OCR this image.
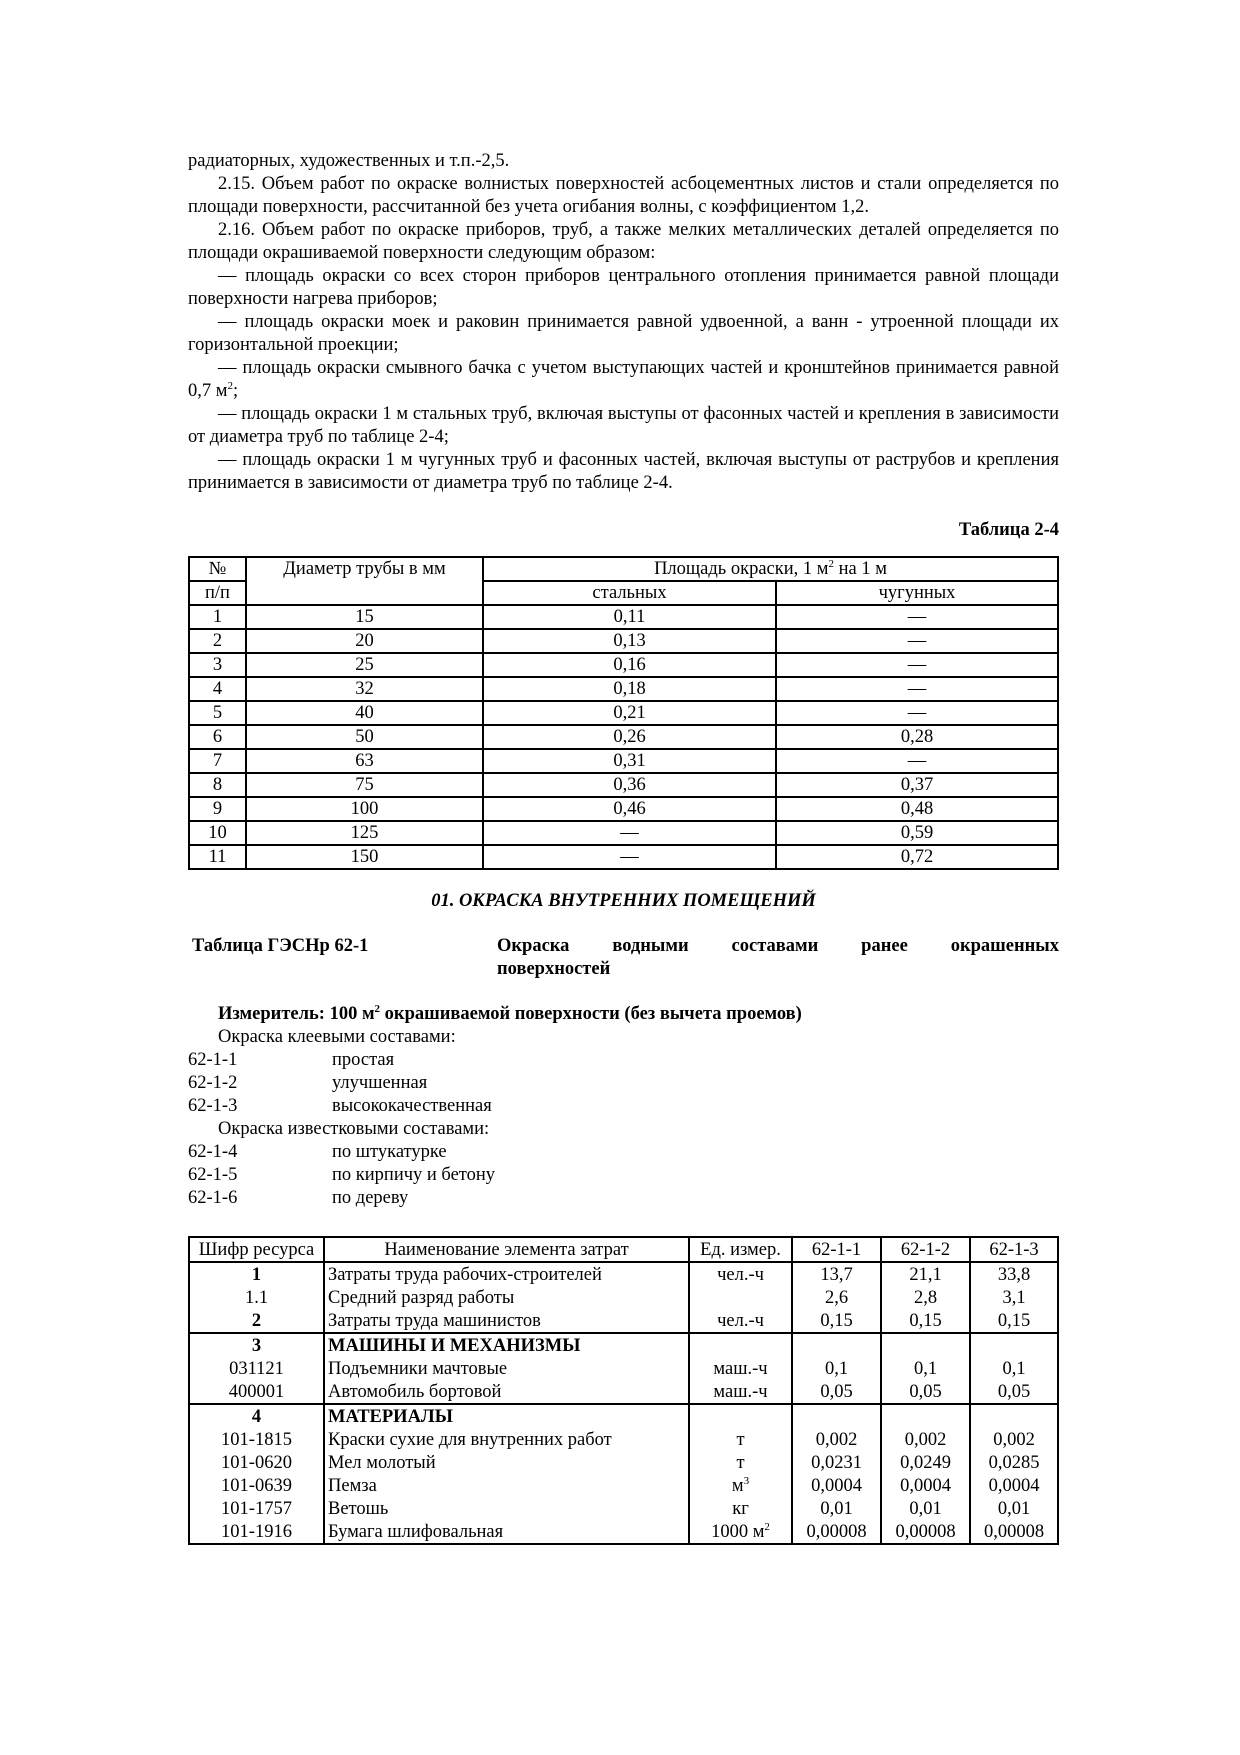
радиаторных, художественных и т.п.-2,5.

2.15. Объем работ по окраске волнистых поверхностей асбоцементных листов и стали определяется по площади поверхности, рассчитанной без учета огибания волны, с коэффициентом 1,2.

2.16. Объем работ по окраске приборов, труб, а также мелких металлических деталей определяется по площади окрашиваемой поверхности следующим образом:

— площадь окраски со всех сторон приборов центрального отопления принимается равной площади поверхности нагрева приборов;

— площадь окраски моек и раковин принимается равной удвоенной, а ванн - утроенной площади их горизонтальной проекции;

— площадь окраски смывного бачка с учетом выступающих частей и кронштейнов принимается равной 0,7 $м^2$;

— площадь окраски 1 м стальных труб, включая выступы от фасонных частей и крепления в зависимости от диаметра труб по таблице 2-4;

— площадь окраски 1 м чугунных труб и фасонных частей, включая выступы от раструбов и крепления принимается в зависимости от диаметра труб по таблице 2-4.

Таблица 2-4
№	Диаметр трубы в мм	Площадь окраски, 1 $м^2$ на 1 м	
п/п		стальных	чугунных
1	15	0,11	—
2	20	0,13	—
3	25	0,16	—
4	32	0,18	—
5	40	0,21	—
6	50	0,26	0,28
7	63	0,31	—
8	75	0,36	0,37
9	100	0,46	0,48
10	125	—	0,59
11	150	—	0,72
01. ОКРАСКА ВНУТРЕННИХ ПОМЕЩЕНИЙ
Таблица ГЭСНр 62-1	Окраска водными составами ранее окрашенных
поверхностей

Измеритель: 100 $м^2$ окрашиваемой поверхности (без вычета проемов)

Окраска клеевыми составами:

62-1-1	простая
62-1-2	улучшенная
62-1-3	высококачественная

Окраска известковыми составами:

62-1-4	по штукатурке
62-1-5	по кирпичу и бетону
62-1-6	по дереву
Шифр ресурса	Наименование элемента затрат	Ед. измер.	62-1-1	62-1-2	62-1-3
1	Затраты труда рабочих-строителей	чел.-ч	13,7	21,1	33,8
1.1	Средний разряд работы		2,6	2,8	3,1
2	Затраты труда машинистов	чел.-ч	0,15	0,15	0,15
3	МАШИНЫ И МЕХАНИЗМЫ				
031121	Подъемники мачтовые	маш.-ч	0,1	0,1	0,1
400001	Автомобиль бортовой	маш.-ч	0,05	0,05	0,05
4	МАТЕРИАЛЫ				
101-1815	Краски сухие для внутренних работ	т	0,002	0,002	0,002
101-0620	Мел молотый	т	0,0231	0,0249	0,0285
101-0639	Пемза	$м^3$	0,0004	0,0004	0,0004
101-1757	Ветошь	кг	0,01	0,01	0,01
101-1916	Бумага шлифовальная	1000 $м^2$	0,00008	0,00008	0,00008
